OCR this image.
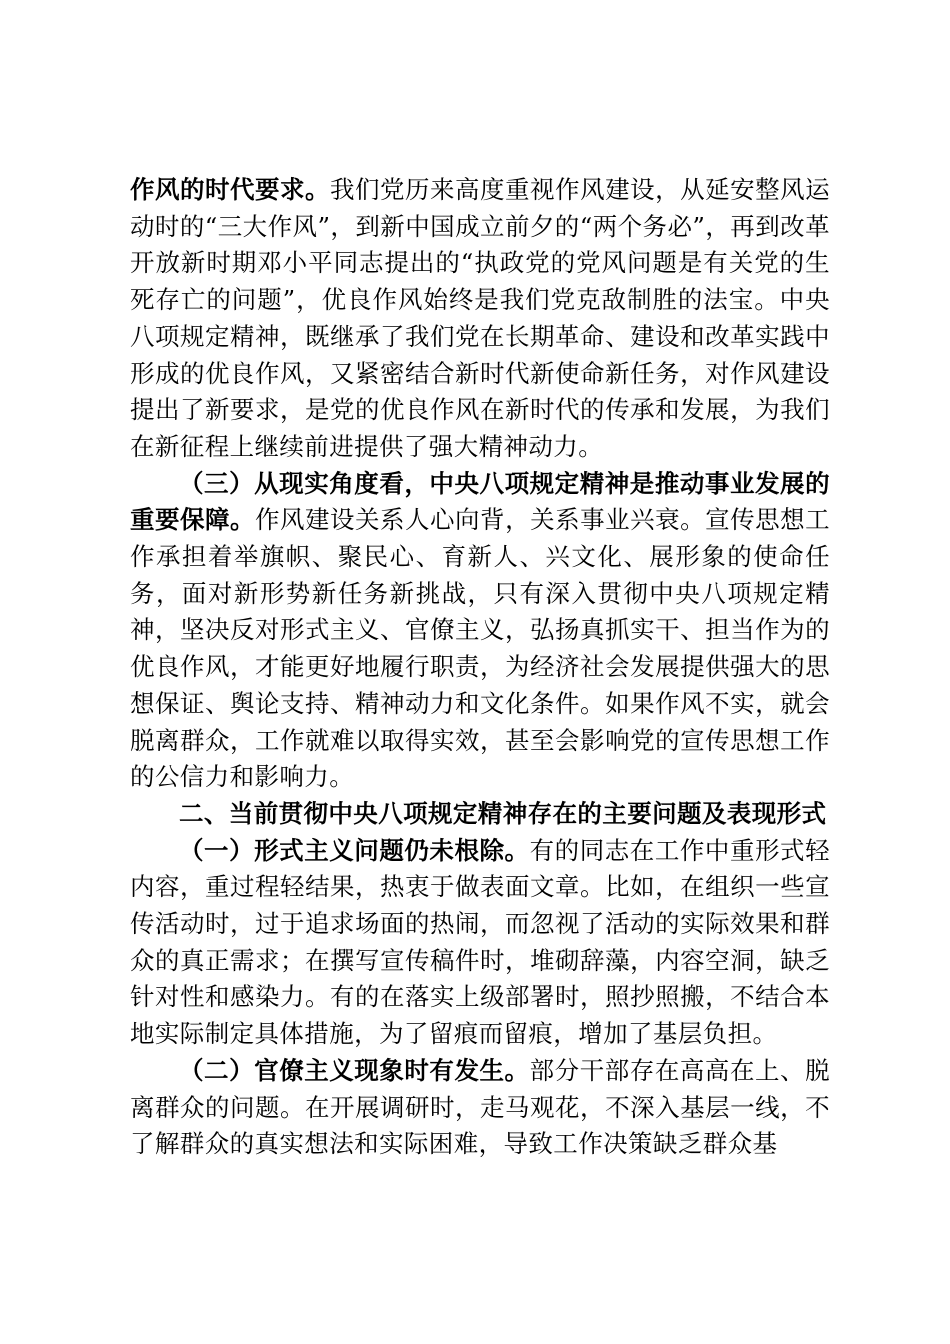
作风的时代要求。我们党历来高度重视作风建设，从延安整风运动时的“三大作风”，到新中国成立前夕的“两个务必”，再到改革开放新时期邓小平同志提出的“执政党的党风问题是有关党的生死存亡的问题”，优良作风始终是我们党克敌制胜的法宝。中央八项规定精神，既继承了我们党在长期革命、建设和改革实践中形成的优良作风，又紧密结合新时代新使命新任务，对作风建设提出了新要求，是党的优良作风在新时代的传承和发展，为我们在新征程上继续前进提供了强大精神动力。

（三）从现实角度看，中央八项规定精神是推动事业发展的重要保障。作风建设关系人心向背，关系事业兴衰。宣传思想工作承担着举旗帜、聚民心、育新人、兴文化、展形象的使命任务，面对新形势新任务新挑战，只有深入贯彻中央八项规定精神，坚决反对形式主义、官僚主义，弘扬真抓实干、担当作为的优良作风，才能更好地履行职责，为经济社会发展提供强大的思想保证、舆论支持、精神动力和文化条件。如果作风不实，就会脱离群众，工作就难以取得实效，甚至会影响党的宣传思想工作的公信力和影响力。

二、当前贯彻中央八项规定精神存在的主要问题及表现形式

（一）形式主义问题仍未根除。有的同志在工作中重形式轻内容，重过程轻结果，热衷于做表面文章。比如，在组织一些宣传活动时，过于追求场面的热闹，而忽视了活动的实际效果和群众的真正需求；在撰写宣传稿件时，堆砌辞藻，内容空洞，缺乏针对性和感染力。有的在落实上级部署时，照抄照搬，不结合本地实际制定具体措施，为了留痕而留痕，增加了基层负担。

（二）官僚主义现象时有发生。部分干部存在高高在上、脱离群众的问题。在开展调研时，走马观花，不深入基层一线，不了解群众的真实想法和实际困难，导致工作决策缺乏群众基
